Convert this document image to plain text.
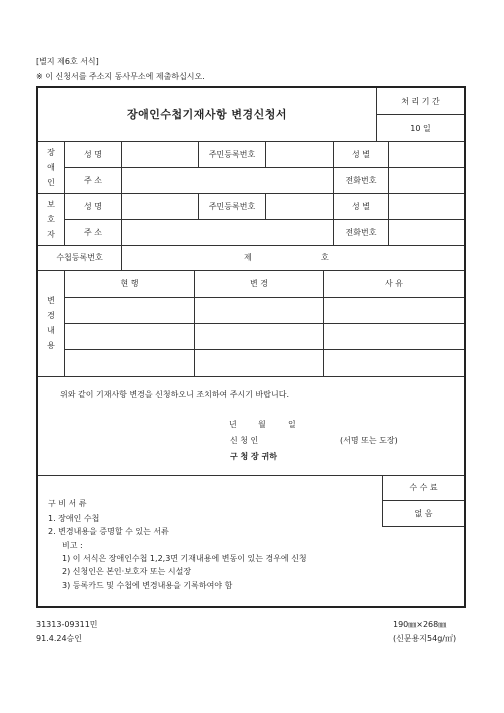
[별지 제6호 서식]
※ 이 신청서를 주소지 동사무소에 제출하십시오.
장애인수첩기재사항 변경신청서
처 리 기 간
10 일
장
애
인
성 명	주민등록번호	성 별
주 소	전화번호
보
호
자
성 명	주민등록번호	성 별
주 소	전화번호
수첩등록번호	제	호
변
경
내
용
현 행	변 경	사 유
위와 같이 기재사항 변경을 신청하오니 조치하여 주시기 바랍니다.
년	월	일
신 청 인	(서명 또는 도장)
구 청 장 귀하
수 수 료
없 음
구 비 서 류
1. 장애인 수첩
2. 변경내용을 증명할 수 있는 서류
비고 :
1) 이 서식은 장애인수첩 1,2,3면 기재내용에 변동이 있는 경우에 신청
2) 신청인은 본인·보호자 또는 시설장
3) 등록카드 및 수첩에 변경내용을 기록하여야 함
31313-09311민
91.4.24승인
190㎜×268㎜
(신문용지54g/㎡)
